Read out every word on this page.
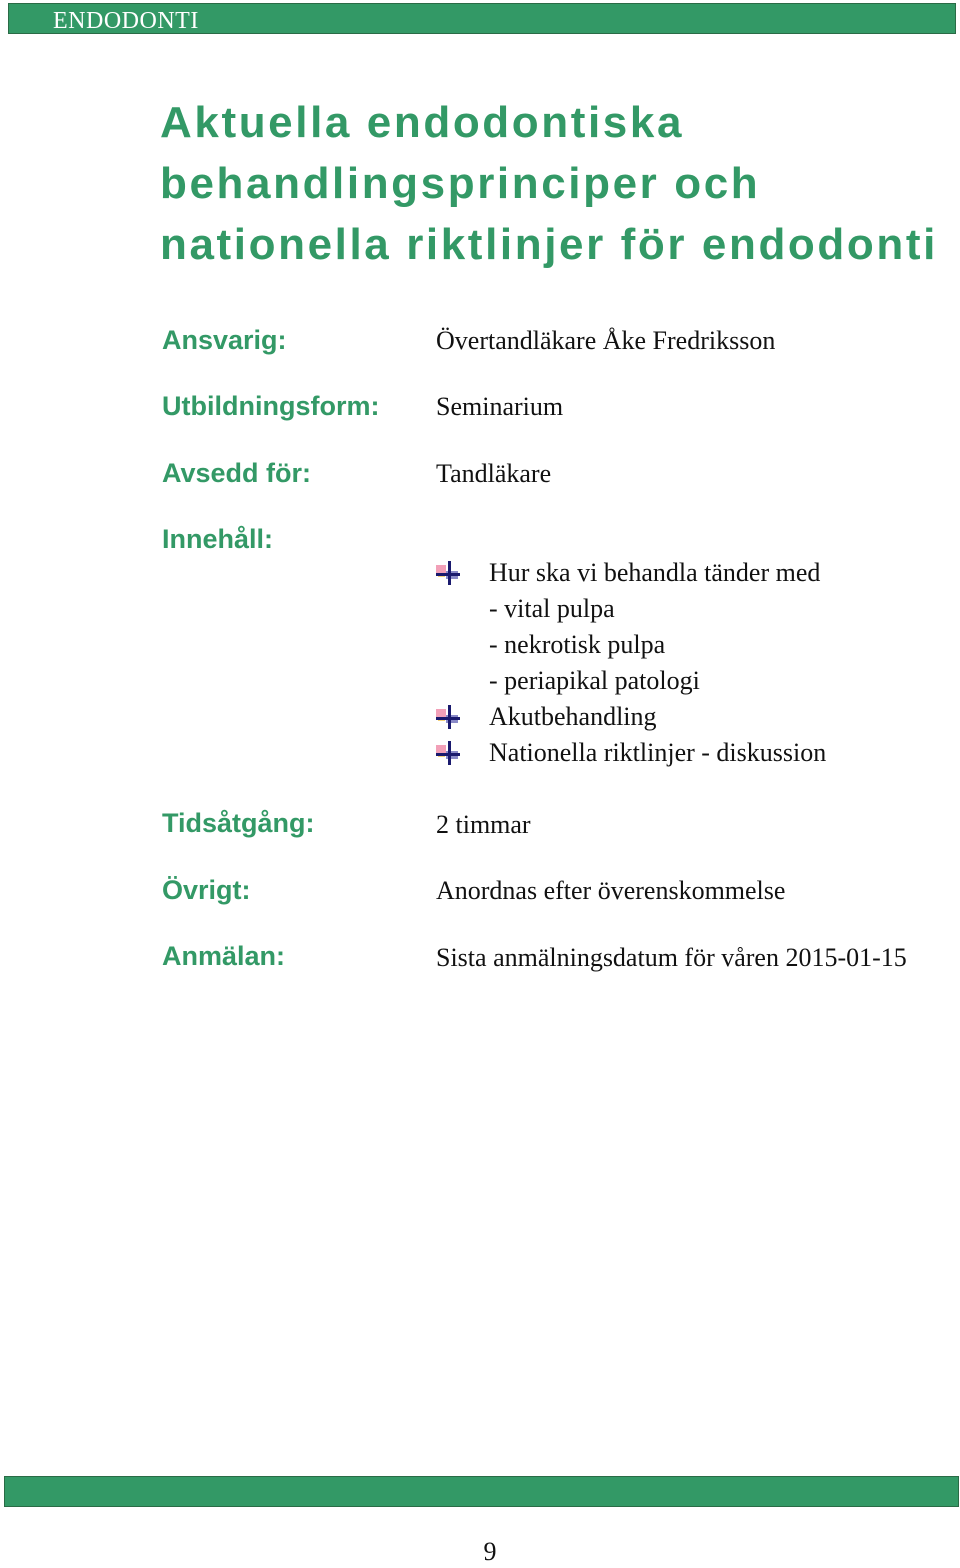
ENDODONTI
Aktuella endodontiska
behandlingsprinciper och
nationella riktlinjer för endodonti
Ansvarig:	Övertandläkare Åke Fredriksson
Utbildningsform: Seminarium
Avsedd för:	Tandläkare
Innehåll:
Hur ska vi behandla tänder med
- vital pulpa
- nekrotisk pulpa
- periapikal patologi
Akutbehandling
Nationella riktlinjer - diskussion
Tidsåtgång:	2 timmar
Övrigt:	Anordnas efter överenskommelse
Anmälan:	Sista anmälningsdatum för våren 2015-01-15
9
